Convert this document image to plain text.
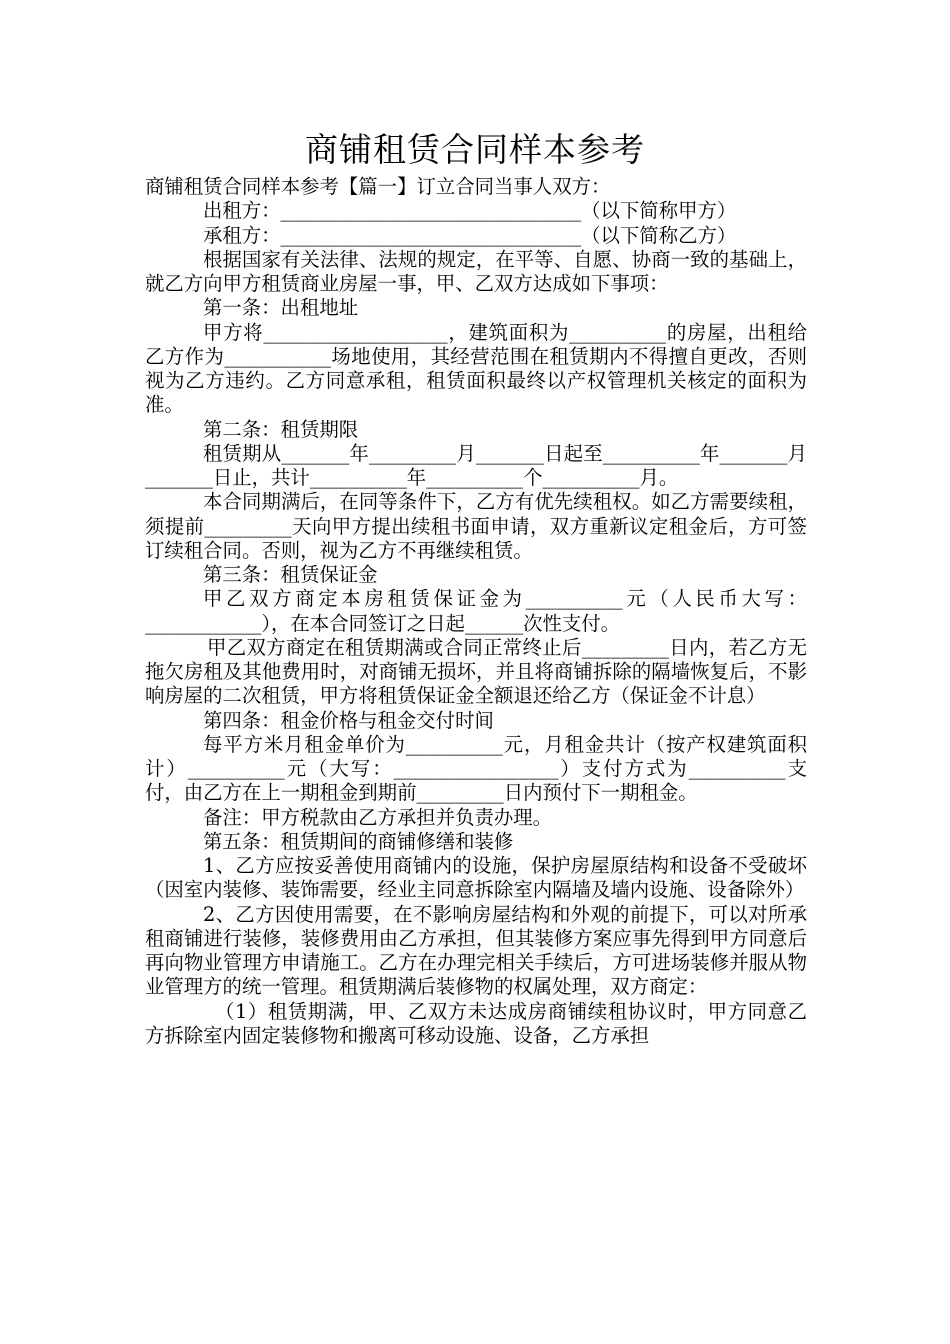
商铺租赁合同样本参考

商铺租赁合同样本参考【篇一】订立合同当事人双方：

出租方：_______________________________（以下简称甲方）

承租方：_______________________________（以下简称乙方）

根据国家有关法律、法规的规定，在平等、自愿、协商一致的基础上，就乙方向甲方租赁商业房屋一事，甲、乙双方达成如下事项：

第一条：出租地址

甲方将___________________，建筑面积为__________的房屋，出租给乙方作为___________场地使用，其经营范围在租赁期内不得擅自更改，否则视为乙方违约。乙方同意承租，租赁面积最终以产权管理机关核定的面积为准。

第二条：租赁期限

租赁期从_______年_________月_______日起至__________年_______月_______日止，共计__________年__________个__________月。

本合同期满后，在同等条件下，乙方有优先续租权。如乙方需要续租，须提前_________天向甲方提出续租书面申请，双方重新议定租金后，方可签订续租合同。否则，视为乙方不再继续租赁。

第三条：租赁保证金

甲乙双方商定本房租赁保证金为__________元（人民币大写：____________），在本合同签订之日起______次性支付。

甲乙双方商定在租赁期满或合同正常终止后_________日内，若乙方无拖欠房租及其他费用时，对商铺无损坏，并且将商铺拆除的隔墙恢复后，不影响房屋的二次租赁，甲方将租赁保证金全额退还给乙方（保证金不计息）

第四条：租金价格与租金交付时间

每平方米月租金单价为__________元，月租金共计（按产权建筑面积计）__________元（大写：_________________）支付方式为__________支付，由乙方在上一期租金到期前_________日内预付下一期租金。

备注：甲方税款由乙方承担并负责办理。

第五条：租赁期间的商铺修缮和装修

1、乙方应按妥善使用商铺内的设施，保护房屋原结构和设备不受破坏（因室内装修、装饰需要，经业主同意拆除室内隔墙及墙内设施、设备除外）

2、乙方因使用需要，在不影响房屋结构和外观的前提下，可以对所承租商铺进行装修，装修费用由乙方承担，但其装修方案应事先得到甲方同意后再向物业管理方申请施工。乙方在办理完相关手续后，方可进场装修并服从物业管理方的统一管理。租赁期满后装修物的权属处理，双方商定：

（1）租赁期满，甲、乙双方未达成房商铺续租协议时，甲方同意乙方拆除室内固定装修物和搬离可移动设施、设备，乙方承担
